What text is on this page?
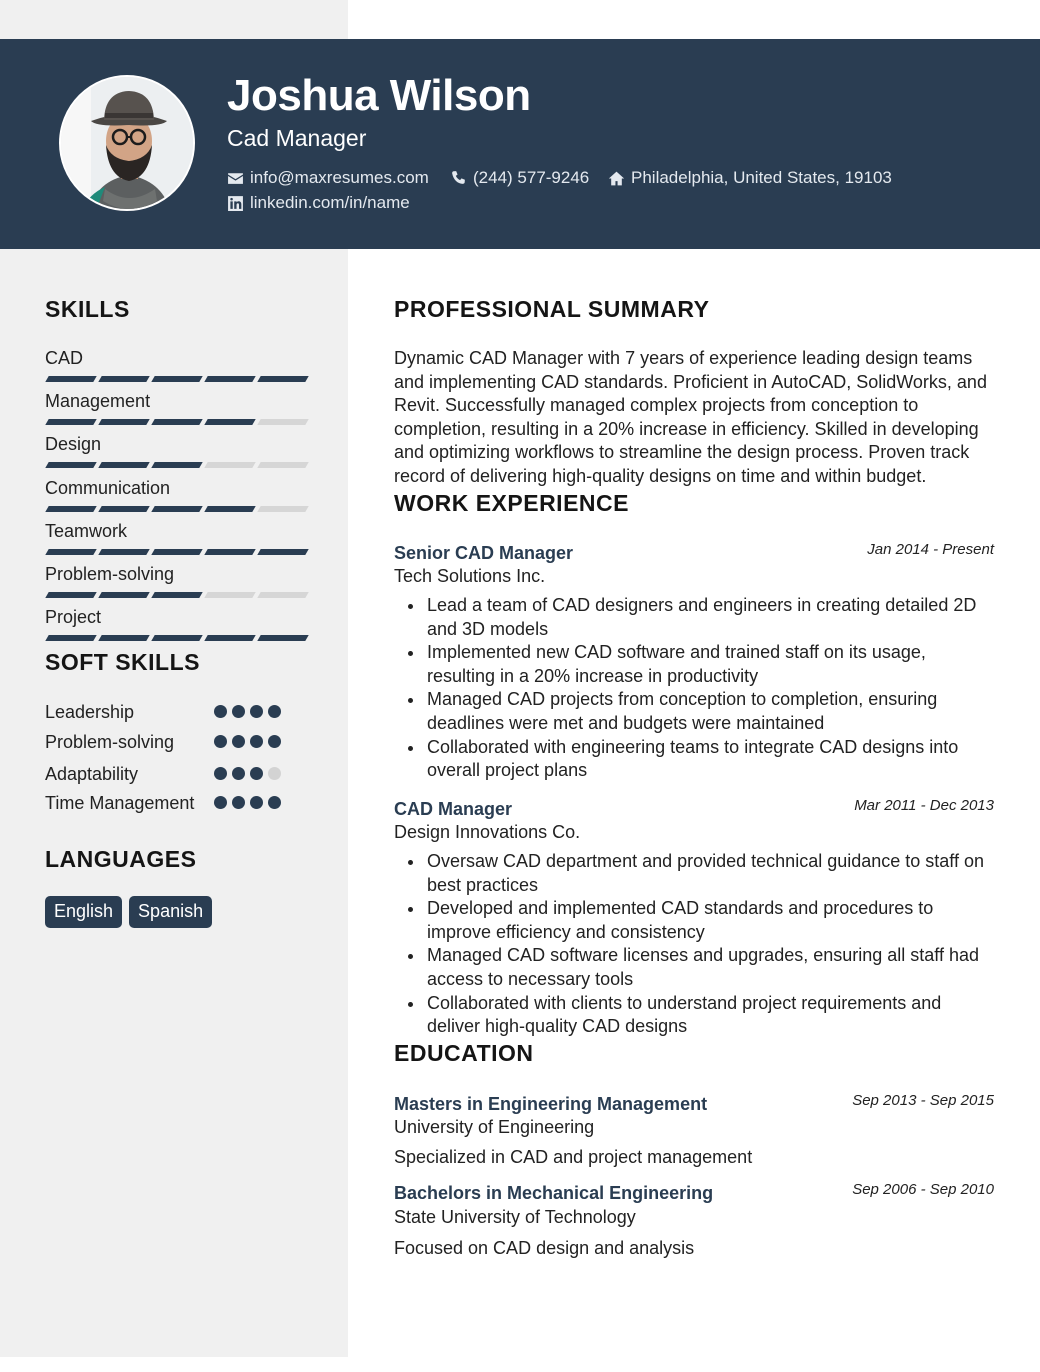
Joshua Wilson
Cad Manager
info@maxresumes.com	(244) 577-9246 Philadelphia, United States, 19103
linkedin.com/in/name
SKILLS
CAD
Management
Design
Communication
Teamwork
Problem-solving
Project
SOFT SKILLS
Leadership
Problem-solving
Adaptability
Time Management
LANGUAGES
English	Spanish
PROFESSIONAL SUMMARY
Dynamic CAD Manager with 7 years of experience leading design teams and implementing CAD standards. Proficient in AutoCAD, SolidWorks, and Revit. Successfully managed complex projects from conception to completion, resulting in a 20% increase in efficiency. Skilled in developing and optimizing workflows to streamline the design process. Proven track record of delivering high-quality designs on time and within budget.
WORK EXPERIENCE
Senior CAD Manager	Jan 2014 - Present
Tech Solutions Inc.
Lead a team of CAD designers and engineers in creating detailed 2D and 3D models
Implemented new CAD software and trained staff on its usage, resulting in a 20% increase in productivity
Managed CAD projects from conception to completion, ensuring deadlines were met and budgets were maintained
Collaborated with engineering teams to integrate CAD designs into overall project plans
CAD Manager	Mar 2011 - Dec 2013
Design Innovations Co.
Oversaw CAD department and provided technical guidance to staff on best practices
Developed and implemented CAD standards and procedures to improve efficiency and consistency
Managed CAD software licenses and upgrades, ensuring all staff had access to necessary tools
Collaborated with clients to understand project requirements and deliver high-quality CAD designs
EDUCATION
Masters in Engineering Management	Sep 2013 - Sep 2015
University of Engineering
Specialized in CAD and project management
Bachelors in Mechanical Engineering	Sep 2006 - Sep 2010
State University of Technology
Focused on CAD design and analysis
